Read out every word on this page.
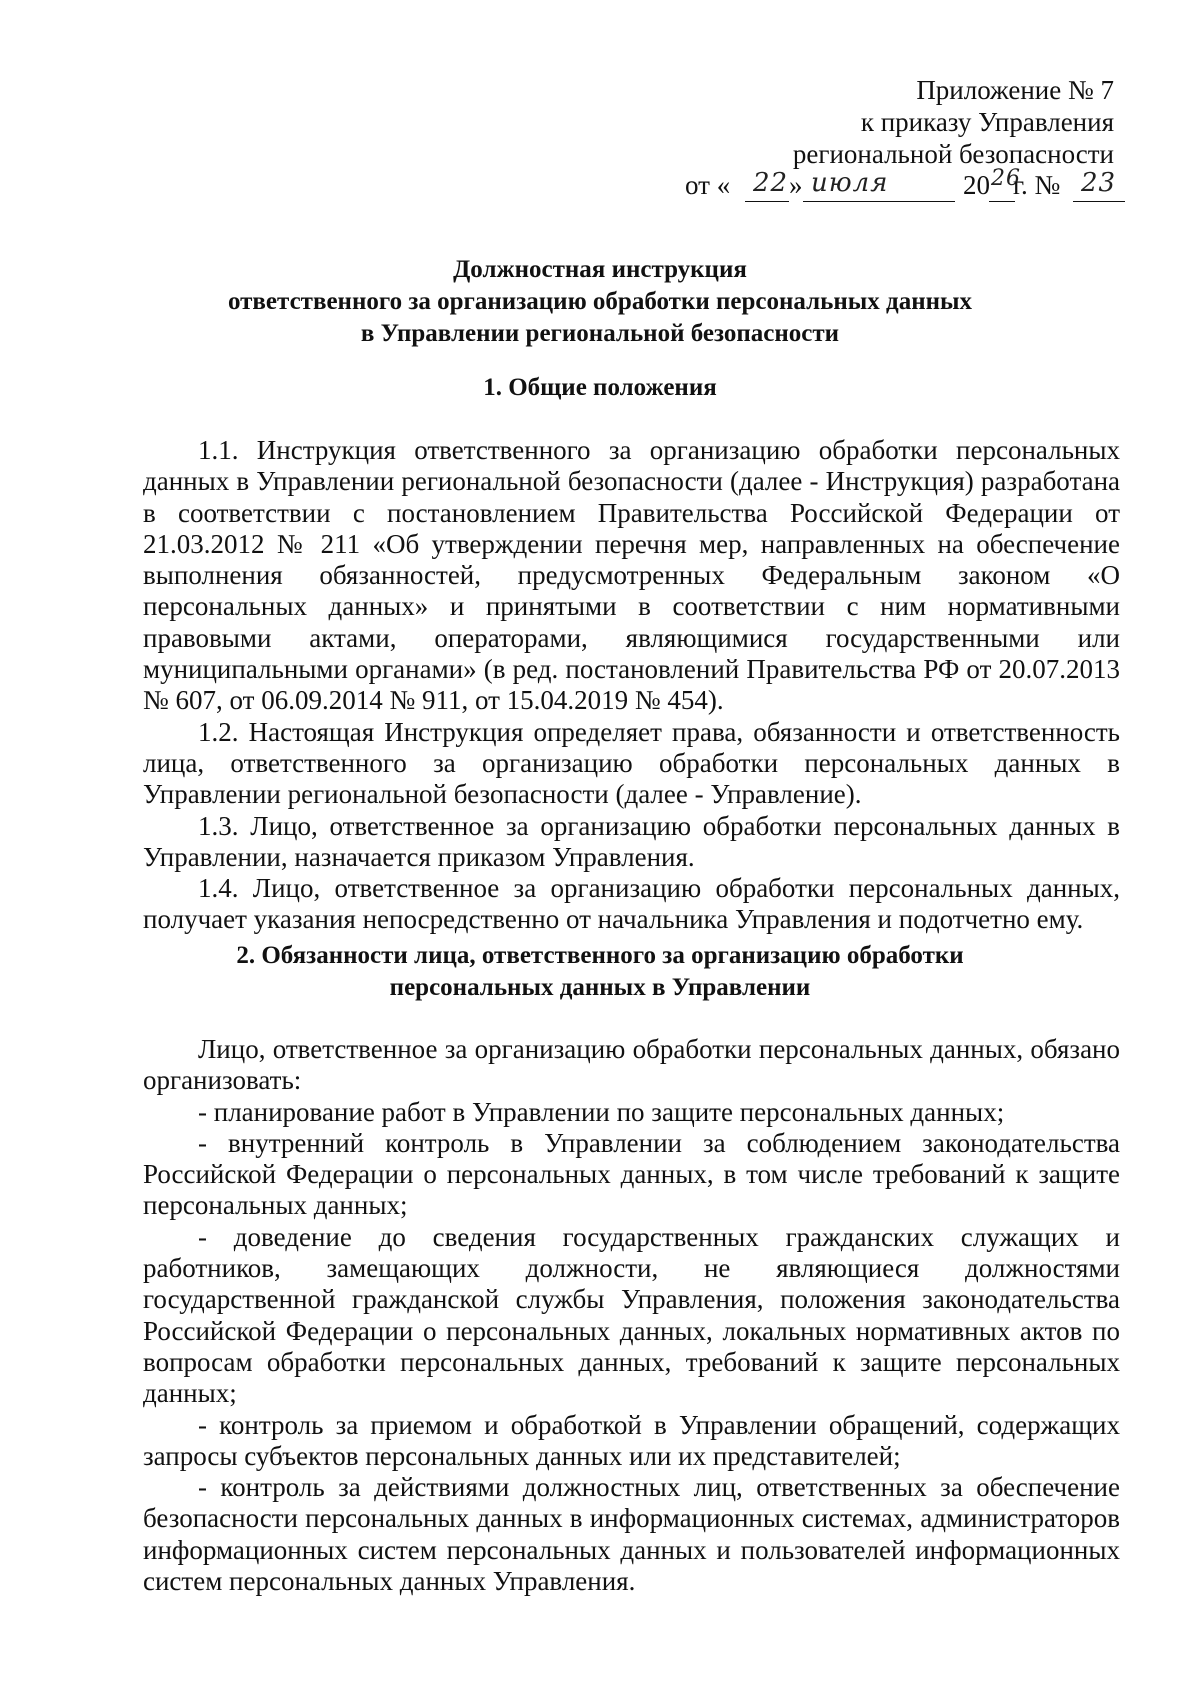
Приложение № 7
к приказу Управления
региональной безопасности
от « 22 » июля	20 26
г. № 23
Должностная инструкция
ответственного за организацию обработки персональных данных
в Управлении региональной безопасности
1. Общие положения

1.1. Инструкция ответственного за организацию обработки персональных данных в Управлении региональной безопасности (далее - Инструкция) разработана в соответствии с постановлением Правительства Российской Федерации от 21.03.2012 № 211 «Об утверждении перечня мер, направленных на обеспечение выполнения обязанностей, предусмотренных Федеральным законом «О персональных данных» и принятыми в соответствии с ним нормативными правовыми актами, операторами, являющимися государственными или муниципальными органами» (в ред. постановлений Правительства РФ от 20.07.2013 № 607, от 06.09.2014 № 911, от 15.04.2019 № 454).

1.2. Настоящая Инструкция определяет права, обязанности и ответственность лица, ответственного за организацию обработки персональных данных в Управлении региональной безопасности (далее - Управление).

1.3. Лицо, ответственное за организацию обработки персональных данных в Управлении, назначается приказом Управления.

1.4. Лицо, ответственное за организацию обработки персональных данных, получает указания непосредственно от начальника Управления и подотчетно ему.

2. Обязанности лица, ответственного за организацию обработки
персональных данных в Управлении

Лицо, ответственное за организацию обработки персональных данных, обязано организовать:

- планирование работ в Управлении по защите персональных данных;

- внутренний контроль в Управлении за соблюдением законодательства Российской Федерации о персональных данных, в том числе требований к защите персональных данных;

- доведение до сведения государственных гражданских служащих и работников, замещающих должности, не являющиеся должностями государственной гражданской службы Управления, положения законодательства Российской Федерации о персональных данных, локальных нормативных актов по вопросам обработки персональных данных, требований к защите персональных данных;

- контроль за приемом и обработкой в Управлении обращений, содержащих запросы субъектов персональных данных или их представителей;

- контроль за действиями должностных лиц, ответственных за обеспечение безопасности персональных данных в информационных системах, администраторов информационных систем персональных данных и пользователей информационных систем персональных данных Управления.
